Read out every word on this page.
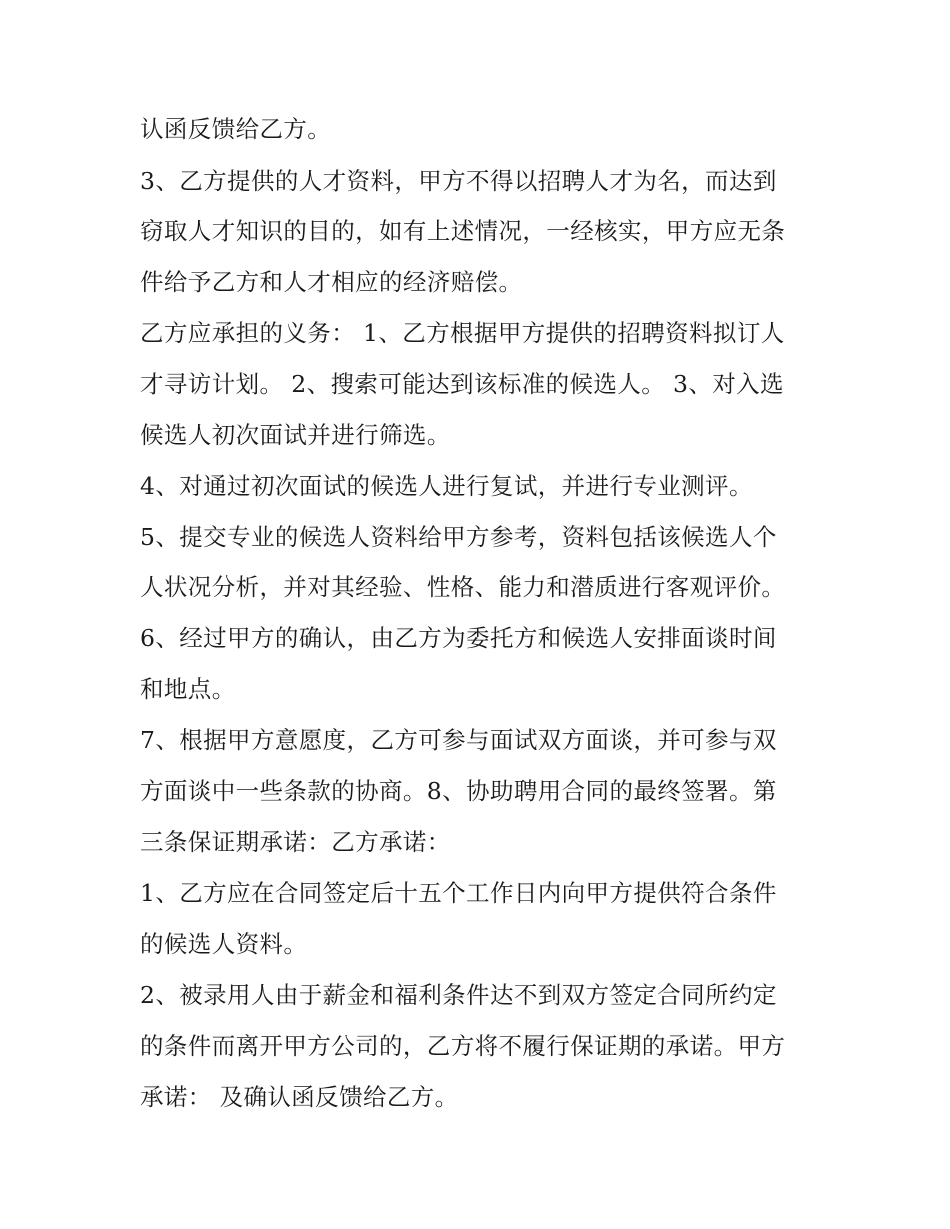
认函反馈给乙方。

3、乙方提供的人才资料，甲方不得以招聘人才为名，而达到

窃取人才知识的目的，如有上述情况，一经核实，甲方应无条

件给予乙方和人才相应的经济赔偿。

乙方应承担的义务： 1、乙方根据甲方提供的招聘资料拟订人

才寻访计划。 2、搜索可能达到该标准的候选人。 3、对入选

候选人初次面试并进行筛选。

4、对通过初次面试的候选人进行复试，并进行专业测评。

5、提交专业的候选人资料给甲方参考，资料包括该候选人个

人状况分析，并对其经验、性格、能力和潜质进行客观评价。

6、经过甲方的确认，由乙方为委托方和候选人安排面谈时间

和地点。

7、根据甲方意愿度，乙方可参与面试双方面谈，并可参与双

方面谈中一些条款的协商。8、协助聘用合同的最终签署。第

三条保证期承诺：乙方承诺：

1、乙方应在合同签定后十五个工作日内向甲方提供符合条件

的候选人资料。

2、被录用人由于薪金和福利条件达不到双方签定合同所约定

的条件而离开甲方公司的，乙方将不履行保证期的承诺。甲方

承诺： 及确认函反馈给乙方。
